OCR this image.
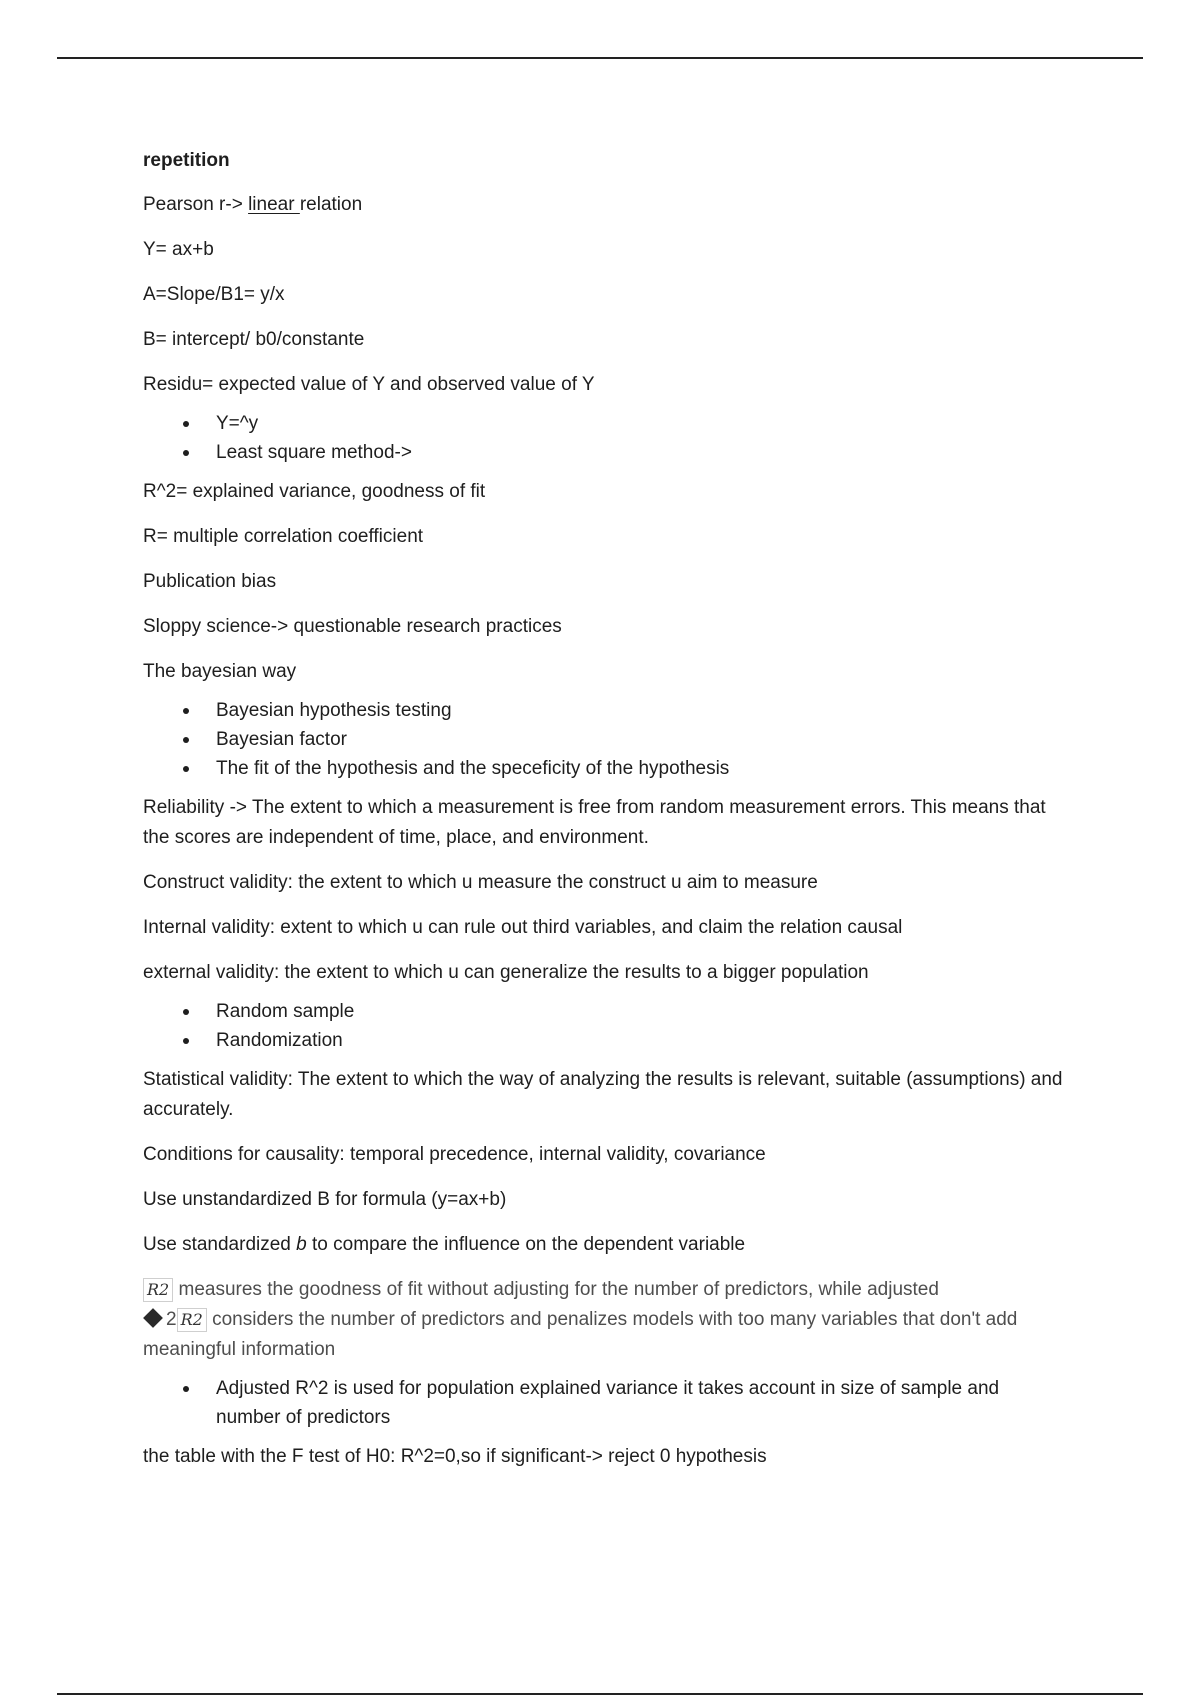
repetition
Pearson r-> linear relation
Y= ax+b
A=Slope/B1= y/x
B= intercept/ b0/constante
Residu= expected value of Y and observed value of Y
Y=^y
Least square method->
R^2= explained variance, goodness of fit
R= multiple correlation coefficient
Publication bias
Sloppy science-> questionable research practices
The bayesian way
Bayesian hypothesis testing
Bayesian factor
The fit of the hypothesis and the speceficity of the hypothesis
Reliability -> The extent to which a measurement is free from random measurement errors. This means that the scores are independent of time, place, and environment.
Construct validity: the extent to which u measure the construct u aim to measure
Internal validity: extent to which u can rule out third variables, and claim the relation causal
external validity: the extent to which u can generalize the results to a bigger population
Random sample
Randomization
Statistical validity: The extent to which the way of analyzing the results is relevant, suitable (assumptions) and accurately.
Conditions for causality: temporal precedence, internal validity, covariance
Use unstandardized B for formula (y=ax+b)
Use standardized b to compare the influence on the dependent variable
R2 measures the goodness of fit without adjusting for the number of predictors, while adjusted
2 R2 considers the number of predictors and penalizes models with too many variables that don't add meaningful information
Adjusted R^2 is used for population explained variance it takes account in size of sample and number of predictors
the table with the F test of H0: R^2=0,so if significant-> reject 0 hypothesis
